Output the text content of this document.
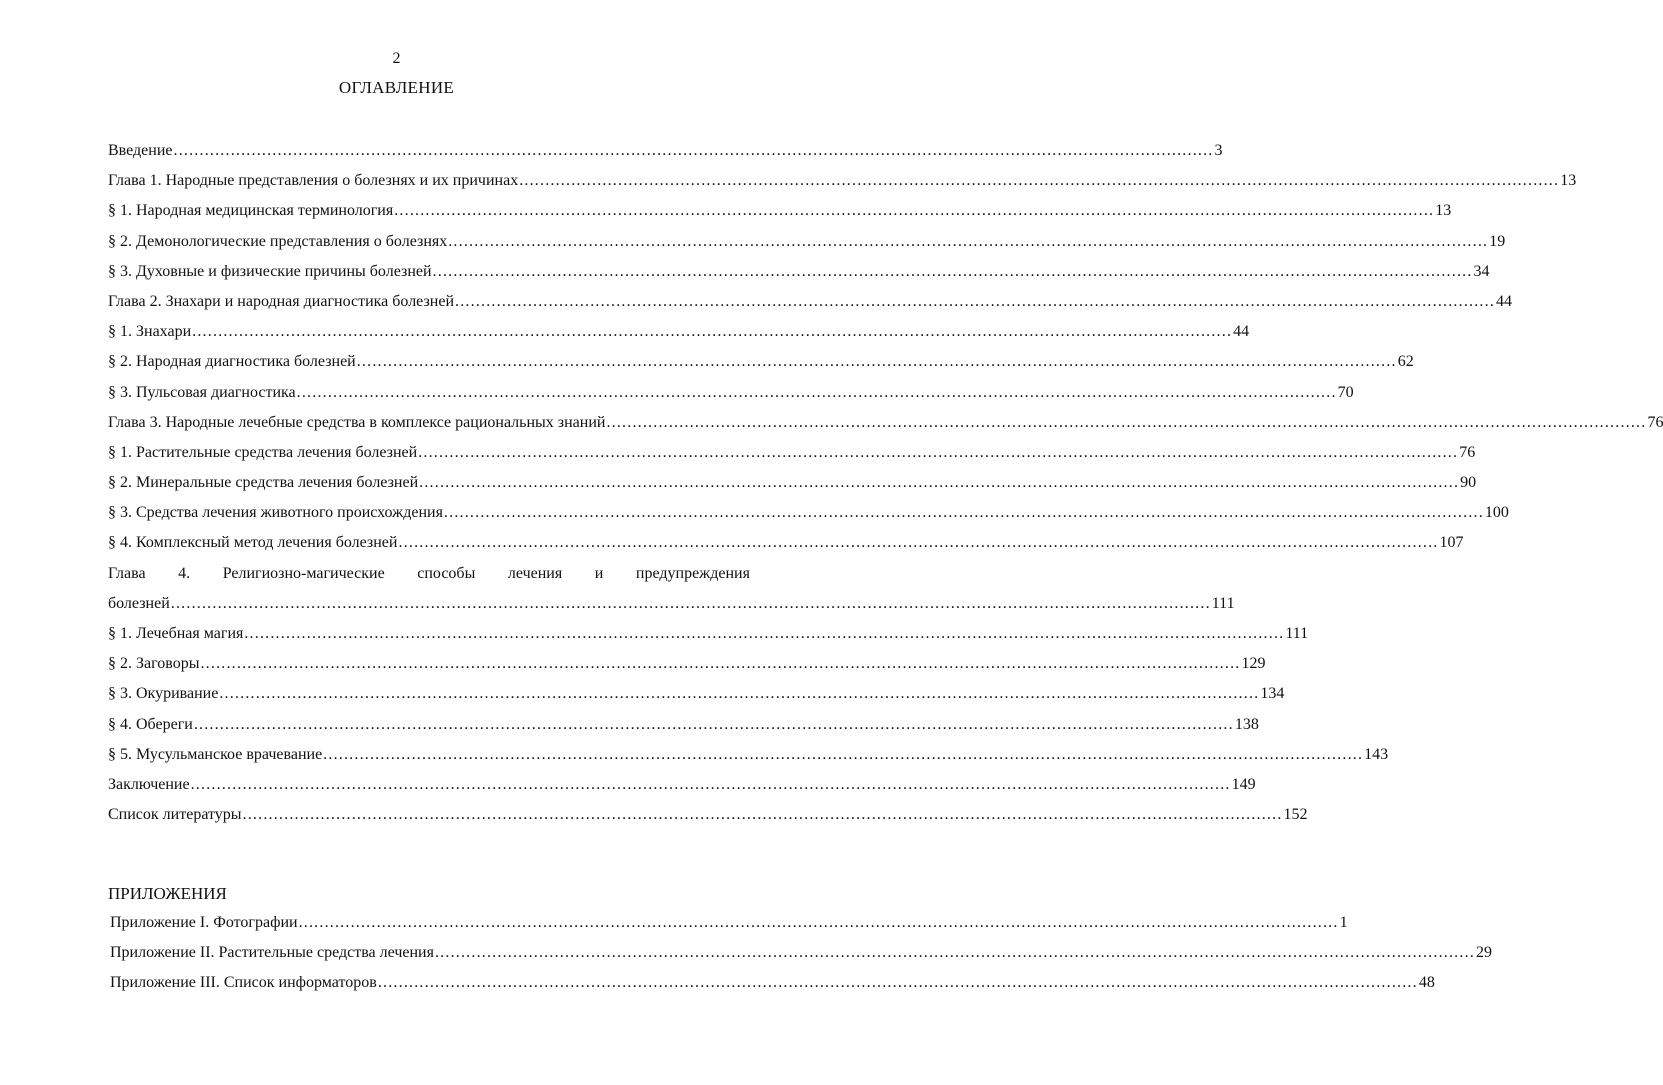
2
ОГЛАВЛЕНИЕ
Введение ........................................................................................................................................................................................................ 3
Глава 1. Народные представления о болезнях и их причинах ........................................................................................................................................................................................................ 13
§ 1. Народная медицинская терминология ........................................................................................................................................................................................................ 13
§ 2. Демонологические представления о болезнях ........................................................................................................................................................................................................ 19
§ 3. Духовные и физические причины болезней ........................................................................................................................................................................................................ 34
Глава 2. Знахари и народная диагностика болезней ........................................................................................................................................................................................................ 44
§ 1. Знахари ........................................................................................................................................................................................................ 44
§ 2. Народная диагностика болезней ........................................................................................................................................................................................................ 62
§ 3. Пульсовая диагностика ........................................................................................................................................................................................................ 70
Глава 3. Народные лечебные средства в комплексе рациональных знаний ........................................................................................................................................................................................................ 76
§ 1. Растительные средства лечения болезней ........................................................................................................................................................................................................ 76
§ 2. Минеральные средства лечения болезней ........................................................................................................................................................................................................ 90
§ 3. Средства лечения животного происхождения ........................................................................................................................................................................................................ 100
§ 4. Комплексный метод лечения болезней ........................................................................................................................................................................................................ 107
Глава 4. Религиозно-магические способы лечения и предупреждения
болезней ........................................................................................................................................................................................................ 111
§ 1. Лечебная магия ........................................................................................................................................................................................................ 111
§ 2. Заговоры ........................................................................................................................................................................................................ 129
§ 3. Окуривание ........................................................................................................................................................................................................ 134
§ 4. Обереги ........................................................................................................................................................................................................ 138
§ 5. Мусульманское врачевание ........................................................................................................................................................................................................ 143
Заключение ........................................................................................................................................................................................................ 149
Список литературы ........................................................................................................................................................................................................ 152
ПРИЛОЖЕНИЯ
Приложение I. Фотографии ........................................................................................................................................................................................................ 1
Приложение II. Растительные средства лечения ........................................................................................................................................................................................................ 29
Приложение III. Список информаторов ........................................................................................................................................................................................................ 48
